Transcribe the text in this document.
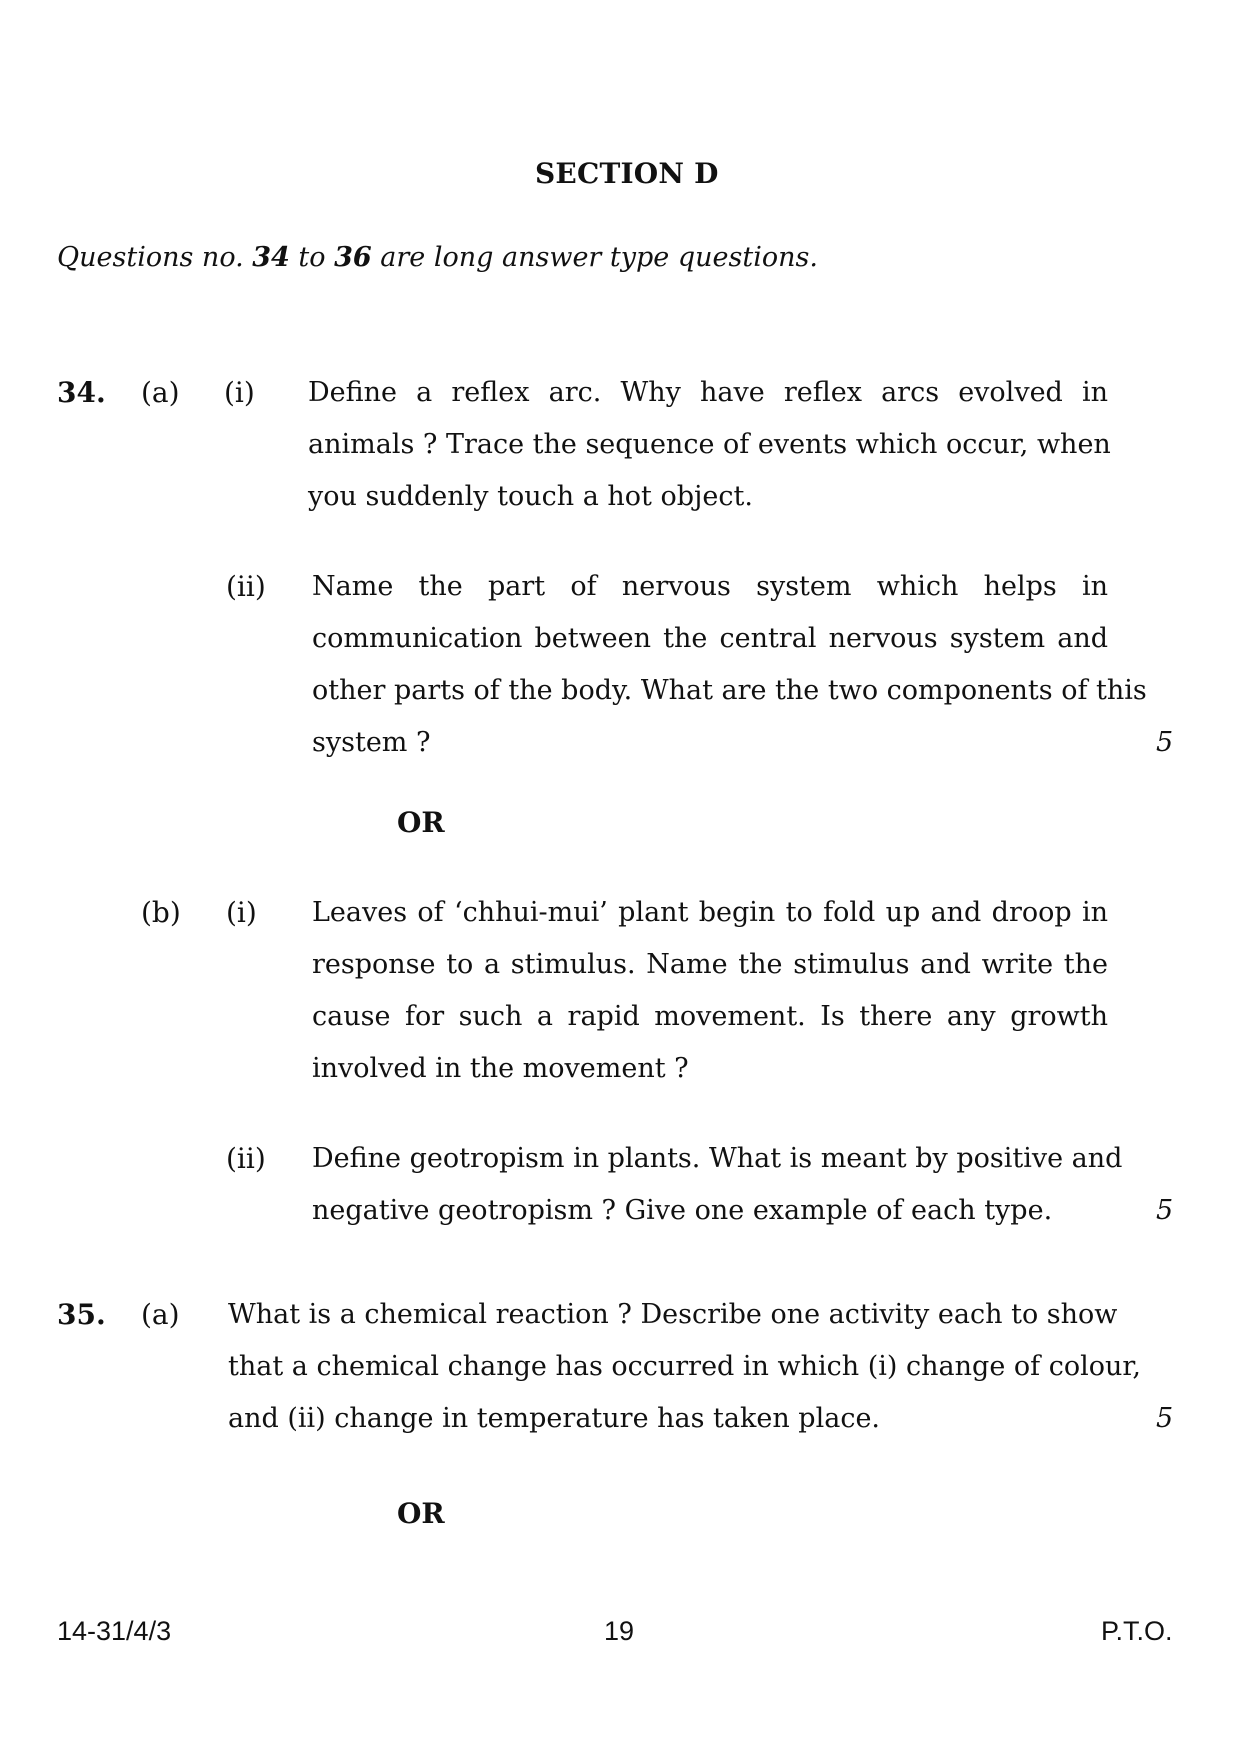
SECTION D
Questions no. 34 to 36 are long answer type questions.
34. (a) (i) Define a reflex arc. Why have reflex arcs evolved in
animals ? Trace the sequence of events which occur, when
you suddenly touch a hot object.
(ii) Name the part of nervous system which helps in
communication between the central nervous system and
other parts of the body. What are the two components of this
system ?	5
OR
(b) (i) Leaves of ‘chhui-mui’ plant begin to fold up and droop in
response to a stimulus. Name the stimulus and write the
cause for such a rapid movement. Is there any growth
involved in the movement ?
(ii) Define geotropism in plants. What is meant by positive and
negative geotropism ? Give one example of each type.	5
35. (a) What is a chemical reaction ? Describe one activity each to show
that a chemical change has occurred in which (i) change of colour,
and (ii) change in temperature has taken place.	5
OR
14-31/4/3	19	P.T.O.
